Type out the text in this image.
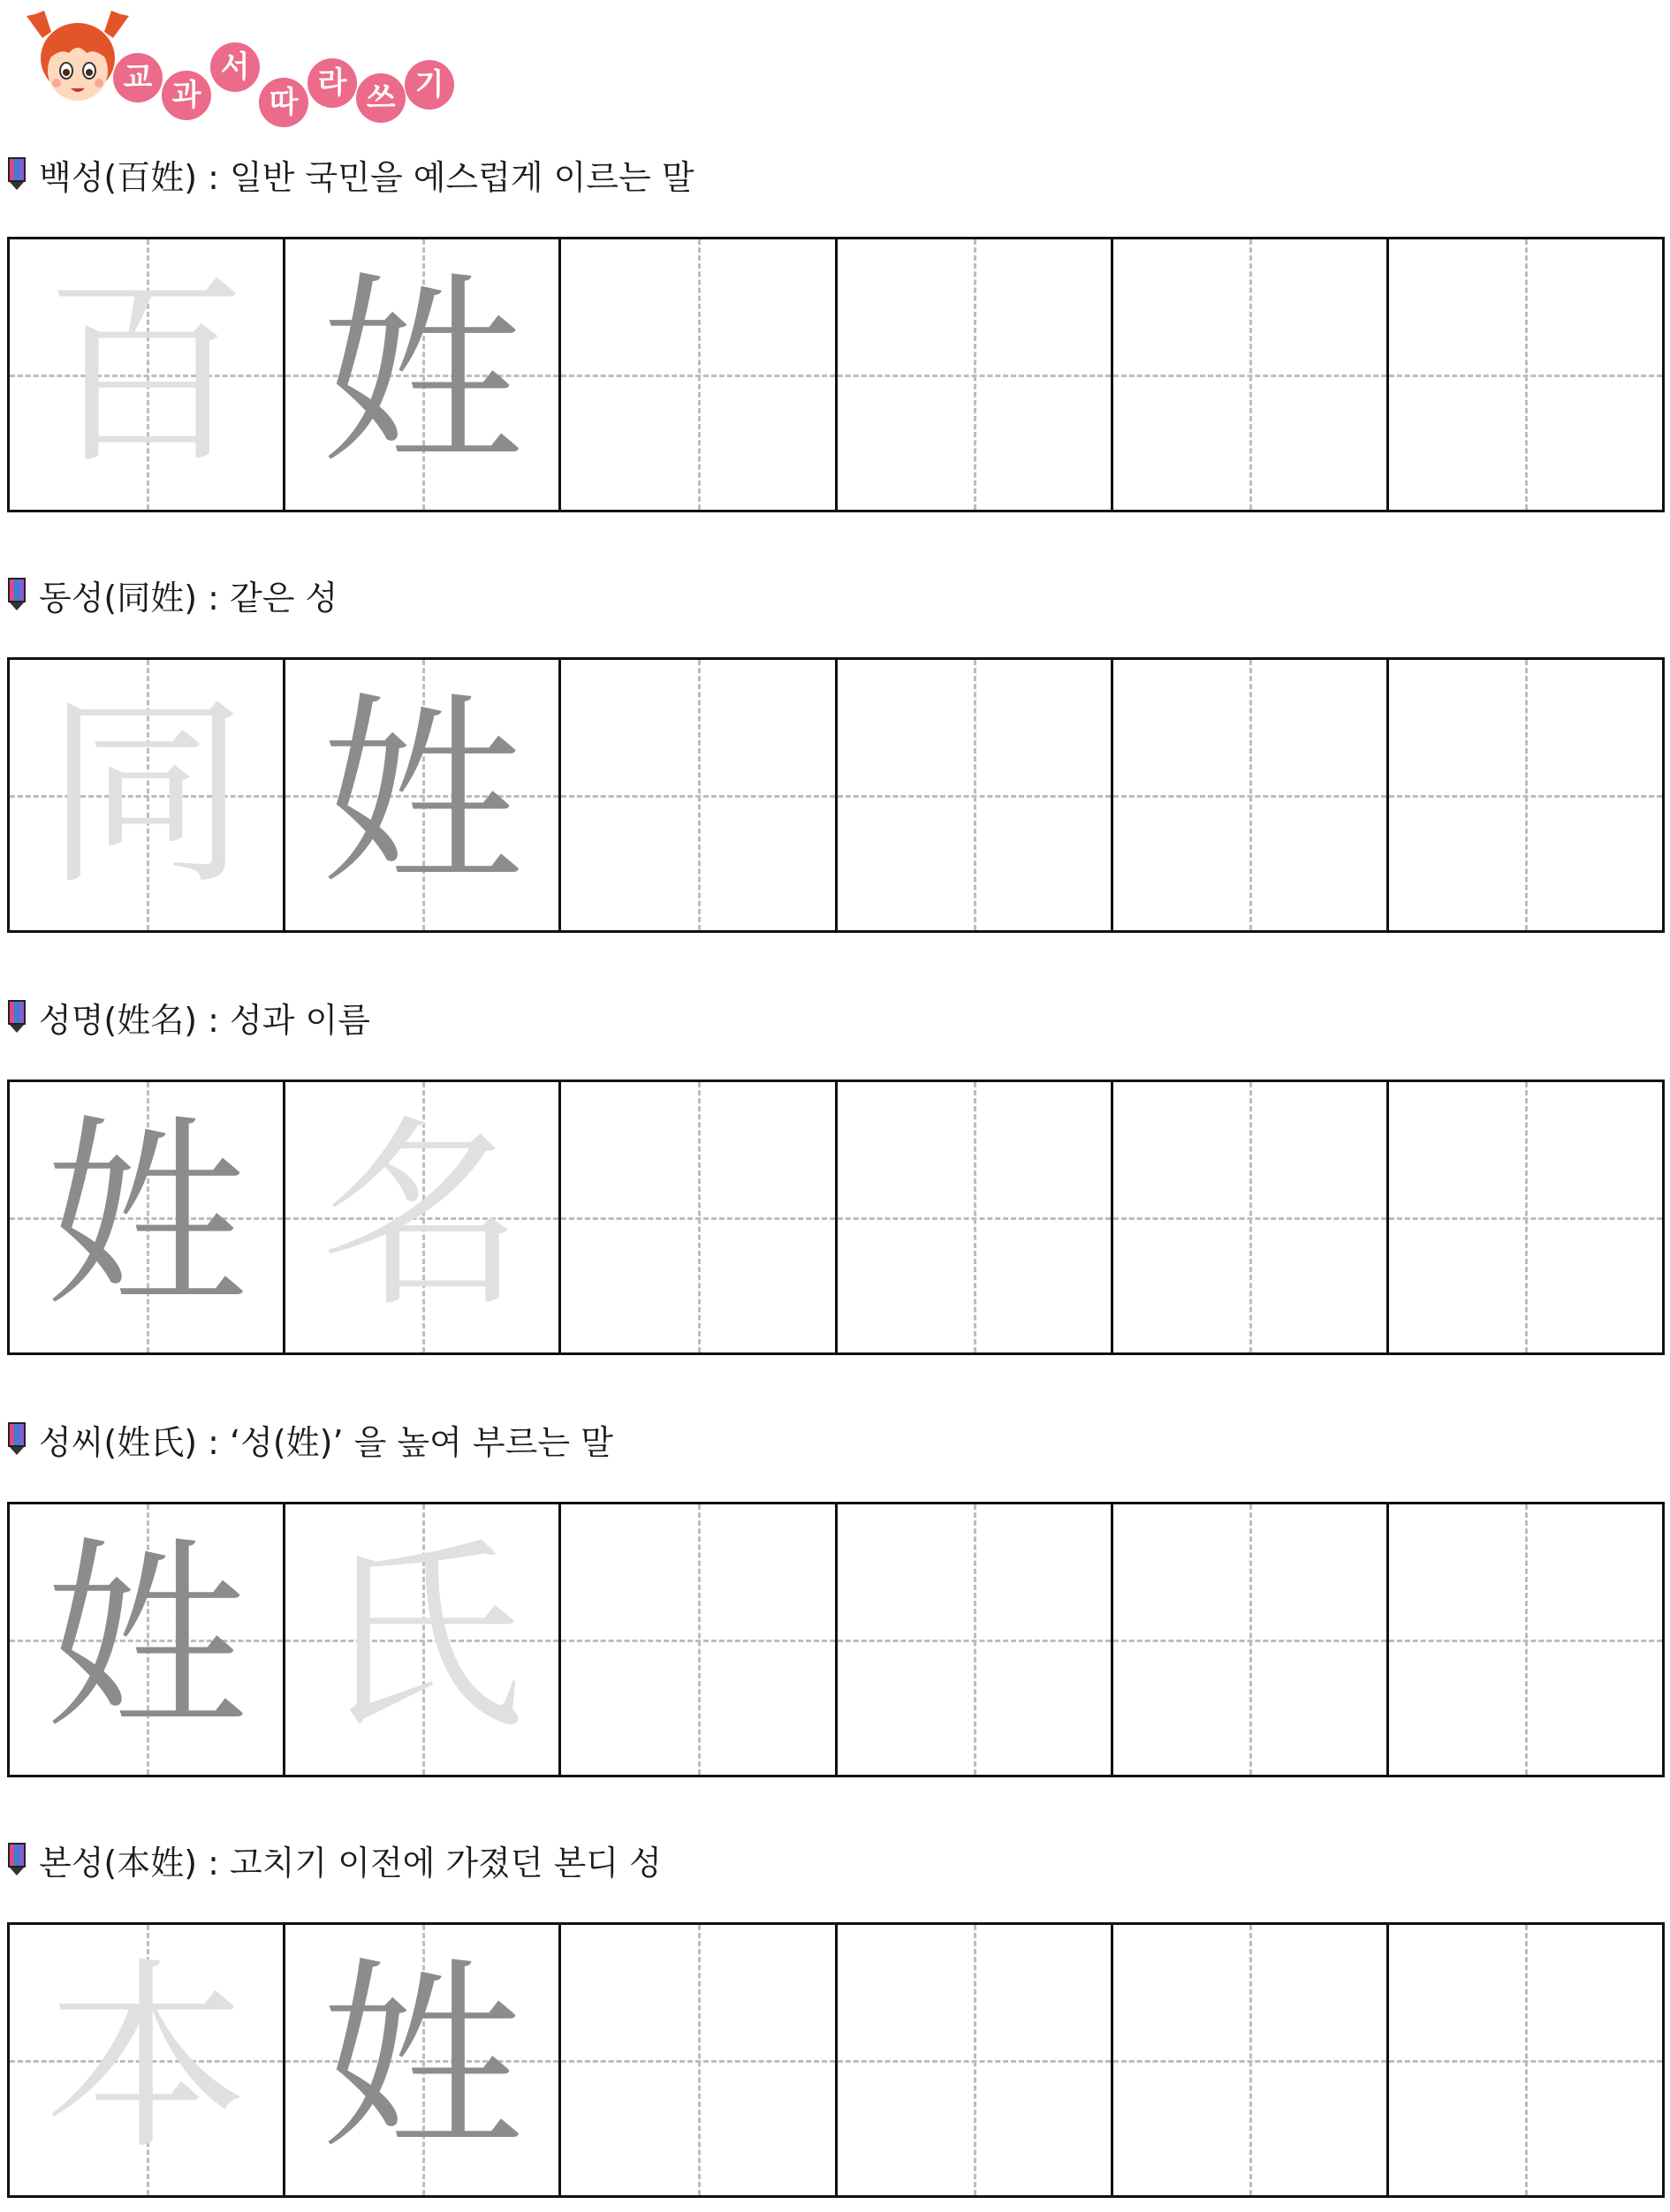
교 과
서
따
라 쓰 기
백성(百姓) : 일반 국민을 예스럽게 이르는 말
百 姓
동성(同姓) : 같은 성
同 姓
성명(姓名) : 성과 이름
姓 名
성씨(姓氏) : ‘성(姓)’ 을 높여 부르는 말
姓 氏
본성(本姓) : 고치기 이전에 가졌던 본디 성
本 姓
